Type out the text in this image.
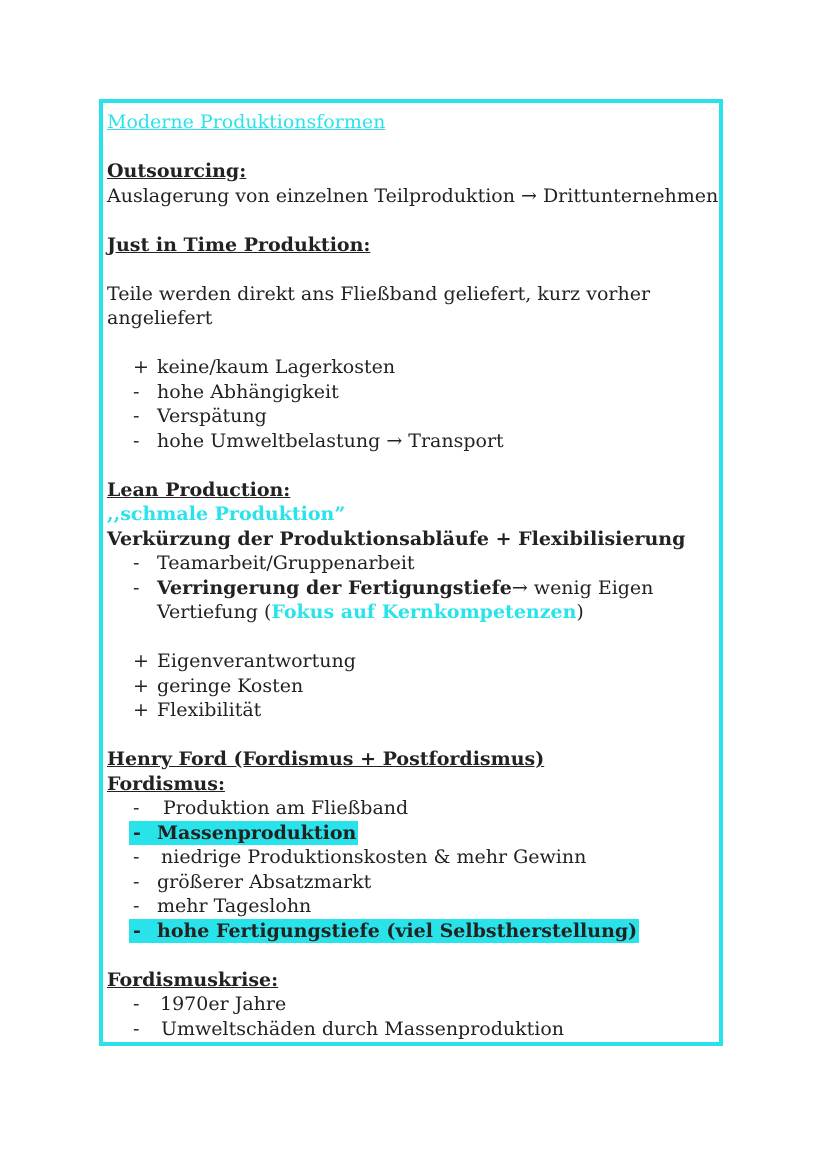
Moderne Produktionsformen
Outsourcing:
Auslagerung von einzelnen Teilproduktion → Drittunternehmen
Just in Time Produktion:
Teile werden direkt ans Fließband geliefert, kurz vorher
angeliefert
+ keine/kaum Lagerkosten
- hohe Abhängigkeit
- Verspätung
- hohe Umweltbelastung → Transport
Lean Production:
,,schmale Produktion”
Verkürzung der Produktionsabläufe + Flexibilisierung
- Teamarbeit/Gruppenarbeit
- Verringerung der Fertigungstiefe→ wenig Eigen
Vertiefung (Fokus auf Kernkompetenzen)
+ Eigenverantwortung
+ geringe Kosten
+ Flexibilität
Henry Ford (Fordismus + Postfordismus)
Fordismus:
- Produktion am Fließband
- Massenproduktion
- niedrige Produktionskosten & mehr Gewinn
- größerer Absatzmarkt
- mehr Tageslohn
- hohe Fertigungstiefe (viel Selbstherstellung)
Fordismuskrise:
- 1970er Jahre
- Umweltschäden durch Massenproduktion
